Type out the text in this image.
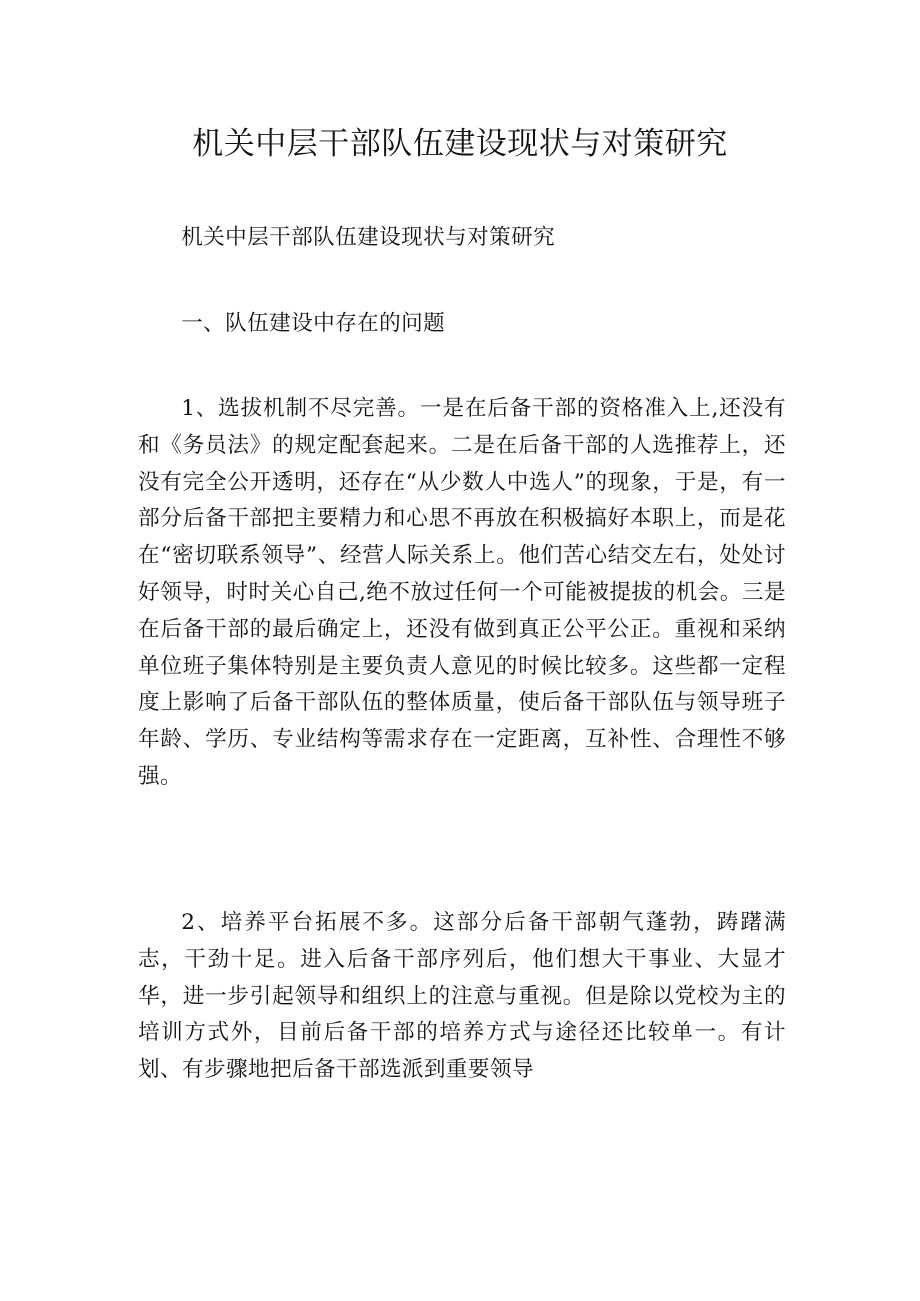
机关中层干部队伍建设现状与对策研究

机关中层干部队伍建设现状与对策研究

一、队伍建设中存在的问题

1、选拔机制不尽完善。一是在后备干部的资格准入上,还没有和《务员法》的规定配套起来。二是在后备干部的人选推荐上，还没有完全公开透明，还存在“从少数人中选人”的现象，于是，有一部分后备干部把主要精力和心思不再放在积极搞好本职上，而是花在“密切联系领导”、经营人际关系上。他们苦心结交左右，处处讨好领导，时时关心自己,绝不放过任何一个可能被提拔的机会。三是在后备干部的最后确定上，还没有做到真正公平公正。重视和采纳单位班子集体特别是主要负责人意见的时候比较多。这些都一定程度上影响了后备干部队伍的整体质量，使后备干部队伍与领导班子年龄、学历、专业结构等需求存在一定距离，互补性、合理性不够强。

2、培养平台拓展不多。这部分后备干部朝气蓬勃，踌躇满志，干劲十足。进入后备干部序列后，他们想大干事业、大显才华，进一步引起领导和组织上的注意与重视。但是除以党校为主的培训方式外，目前后备干部的培养方式与途径还比较单一。有计划、有步骤地把后备干部选派到重要领导
